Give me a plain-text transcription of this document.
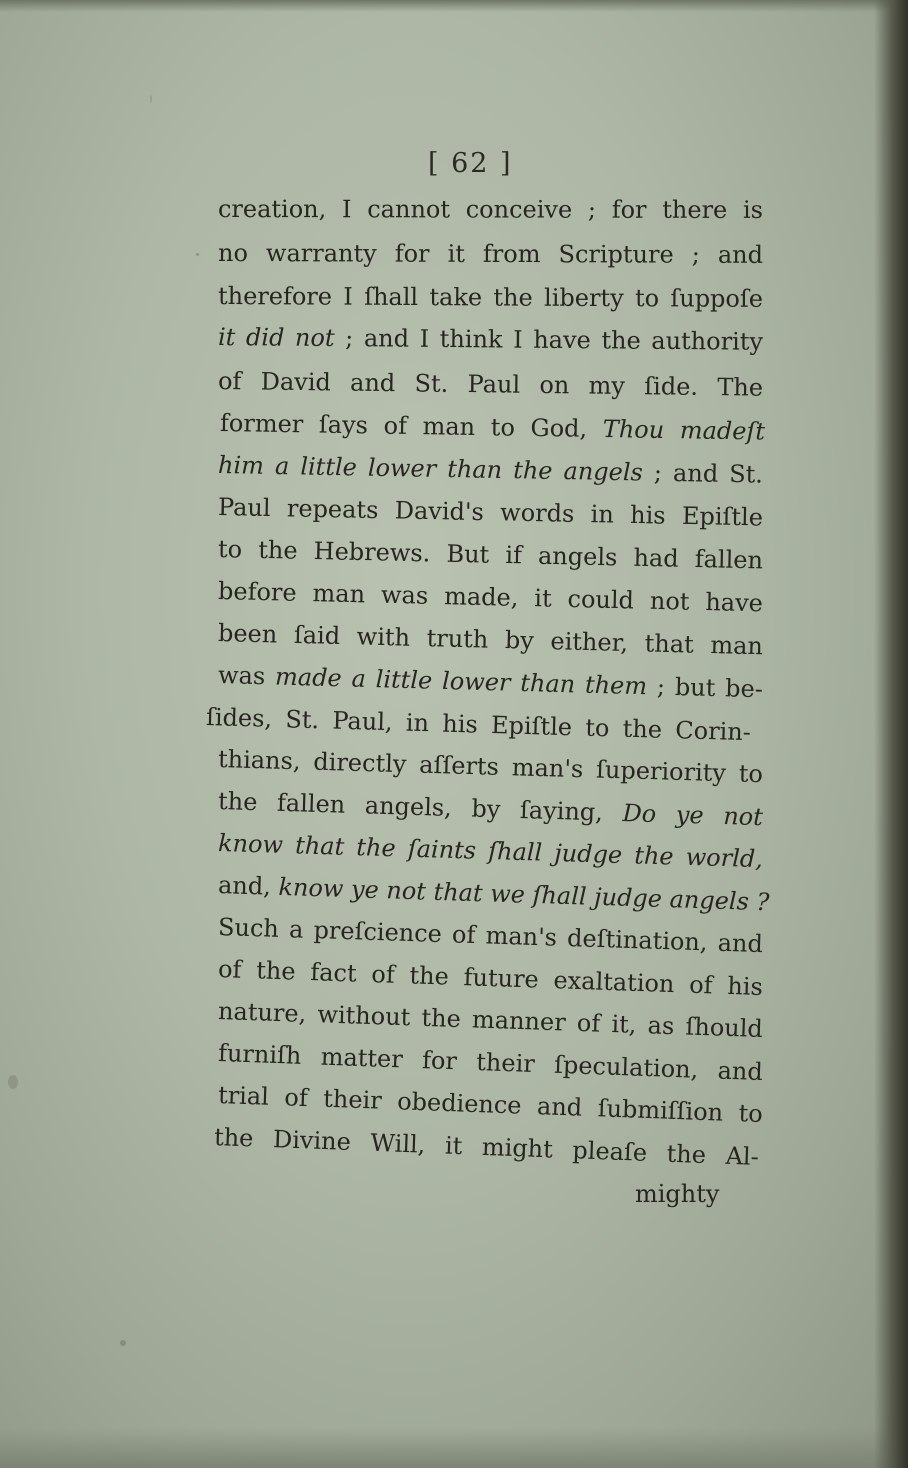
[ 62 ]
creation, I cannot conceive ; for there is
no warranty for it from Scripture ; and
therefore I ſhall take the liberty to ſuppoſe
it did not ; and I think I have the authority
of David and St. Paul on my ſide. The
former ſays of man to God, Thou madeſt
him a little lower than the angels ; and St.
Paul repeats David's words in his Epiſtle
to the Hebrews. But if angels had fallen
before man was made, it could not have
been ſaid with truth by either, that man
was made a little lower than them ; but be-
ſides, St. Paul, in his Epiſtle to the Corin-
thians, directly aſſerts man's ſuperiority to
the fallen angels, by ſaying, Do ye not
know that the ſaints ſhall judge the world,
and, know ye not that we ſhall judge angels ?
Such a preſcience of man's deſtination, and
of the fact of the future exaltation of his
nature, without the manner of it, as ſhould
furniſh matter for their ſpeculation, and
trial of their obedience and ſubmiſſion to
the Divine Will, it might pleaſe the Al-
mighty
